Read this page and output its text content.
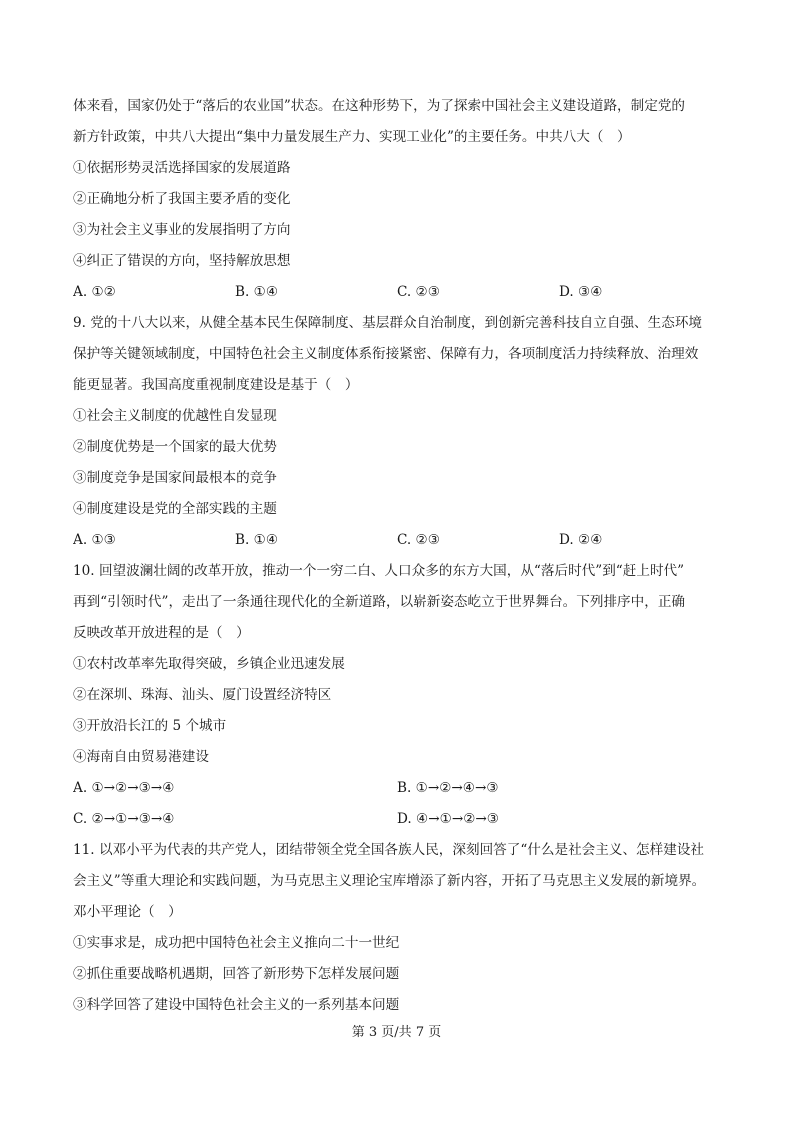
体来看，国家仍处于“落后的农业国”状态。在这种形势下，为了探索中国社会主义建设道路，制定党的
新方针政策，中共八大提出“集中力量发展生产力、实现工业化”的主要任务。中共八大（　）
①依据形势灵活选择国家的发展道路
②正确地分析了我国主要矛盾的变化
③为社会主义事业的发展指明了方向
④纠正了错误的方向，坚持解放思想
A. ①②	B. ①④	C. ②③	D. ③④
9. 党的十八大以来，从健全基本民生保障制度、基层群众自治制度，到创新完善科技自立自强、生态环境
保护等关键领域制度，中国特色社会主义制度体系衔接紧密、保障有力，各项制度活力持续释放、治理效
能更显著。我国高度重视制度建设是基于（　）
①社会主义制度的优越性自发显现
②制度优势是一个国家的最大优势
③制度竞争是国家间最根本的竞争
④制度建设是党的全部实践的主题
A. ①③	B. ①④	C. ②③	D. ②④
10. 回望波澜壮阔的改革开放，推动一个一穷二白、人口众多的东方大国，从“落后时代”到“赶上时代”
再到“引领时代”，走出了一条通往现代化的全新道路，以崭新姿态屹立于世界舞台。下列排序中，正确
反映改革开放进程的是（　）
①农村改革率先取得突破，乡镇企业迅速发展
②在深圳、珠海、汕头、厦门设置经济特区
③开放沿长江的 5 个城市
④海南自由贸易港建设
A. ①→②→③→④	B. ①→②→④→③
C. ②→①→③→④	D. ④→①→②→③
11. 以邓小平为代表的共产党人，团结带领全党全国各族人民，深刻回答了“什么是社会主义、怎样建设社
会主义”等重大理论和实践问题，为马克思主义理论宝库增添了新内容，开拓了马克思主义发展的新境界。
邓小平理论（　）
①实事求是，成功把中国特色社会主义推向二十一世纪
②抓住重要战略机遇期，回答了新形势下怎样发展问题
③科学回答了建设中国特色社会主义的一系列基本问题
第 3 页/共 7 页
